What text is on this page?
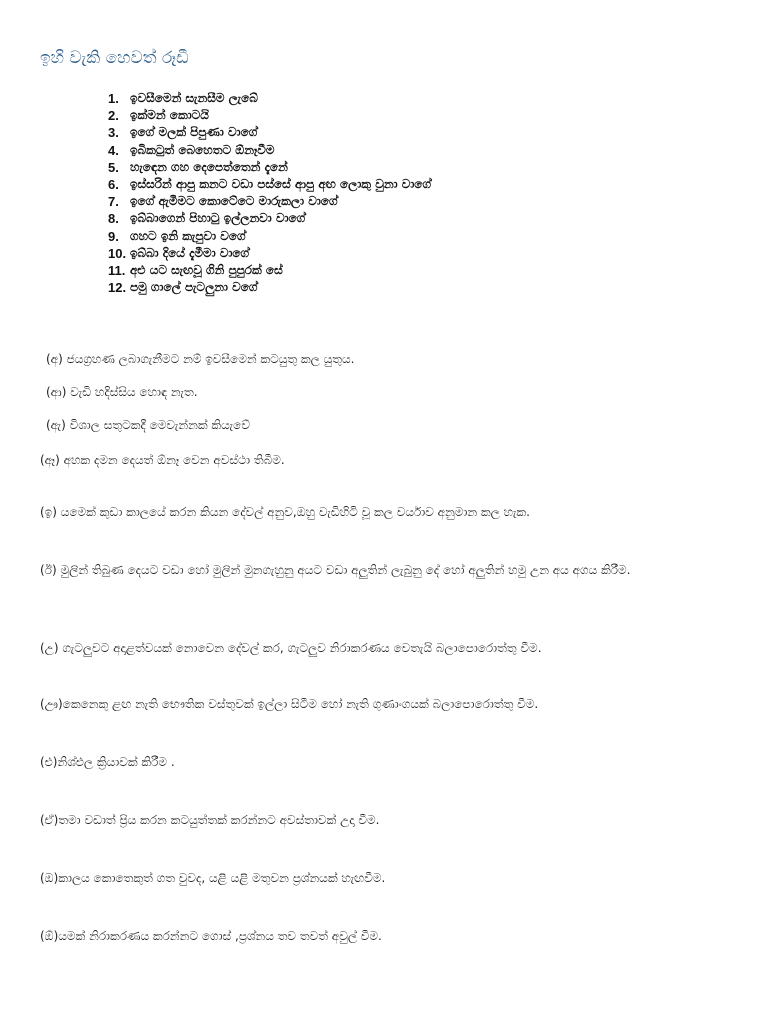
ඉහි වැකි හෙවත් රූඩී
1. ඉවසීමෙන් සැනසීම ලැබේ
2. ඉක්මන් කොටයි
3. ඉගේ මලක් පිපුණා වාගේ
4. ඉබිකටුත් බෙහෙතට ඕනෑවීම
5. හැඳෙන ගහ දෙපෙත්තෙන් දැනේ
6. ඉස්සරින් ආපු කනට වඩා පස්සේ ආපු අඟ ලොකු වුනා වාගේ
7. ඉගේ ඇමීමට කොටේටෙ මාරුකලා වාගේ
8. ඉබ්බාගෙන් පිහාටු ඉල්ලනවා වාගේ
9. ගහට ඉනි කැපුවා වගේ
10. ඉබ්බා දියේ දැමීමා වාගේ
11. අළු යට සැඟවූ ගිනි පුපුරක් සේ
12. පමු ගාලේ පැටලුනා වගේ

(අ) ජයග්‍රහණ ලබාගැනීමට නම් ඉවසීමෙන් කටයුතු කල යුතුය.

(ආ) වැඩි හදිස්සිය හොඳ නැත.

(ඇ) විශාල සතුටකදී මෙවැන්නක් කියැවේ

(ඈ) අහක දමන දෙයත් ඕනෑ වෙන අවස්ථා තිබීම.

(ඉ) යමෙක් කුඩා කාලයේ කරන කියන දේවල් අනුව,ඔහු වැඩිහිටි වූ කල වර්යාව අනුමාන කල හැක.

(ඊ) මුලින් තිබුණ දෙයට වඩා හෝ මුලින් මුනගැහුනු අයට වඩා අලුතින් ලැබුනු දේ හෝ අලුතින් හමු උන අය අගය කිරීම.

(උ) ගැටලුවට අදාළත්වයක් නොවෙන දේවල් කර, ගැටලුව නිරාකරණය වෙතැයි බලාපොරොත්තු වීම.

(ඌ)කෙනෙකු ළඟ නැති භෞතික වස්තුවක් ඉල්ලා සිටීම හෝ නැති ගුණාංගයක් බලාපොරොත්තු වීම.

(එ)නිශ්ඵල ක්‍රියාවක් කිරීම .

(ඒ)තමා වඩාත් ප්‍රිය කරන කටයුත්තක් කරන්නට අවස්තාවක් උදා වීම.

(ඔ)කාලය කොතෙකුත් ගත වුවද, යළි යළි මතුවන ප්‍රශ්නයක් හැඟවීම.

(ඕ)යමක් නිරාකරණය කරන්නට ගොස් ,ප්‍රශ්නය තව තවත් අවුල් වීම.
